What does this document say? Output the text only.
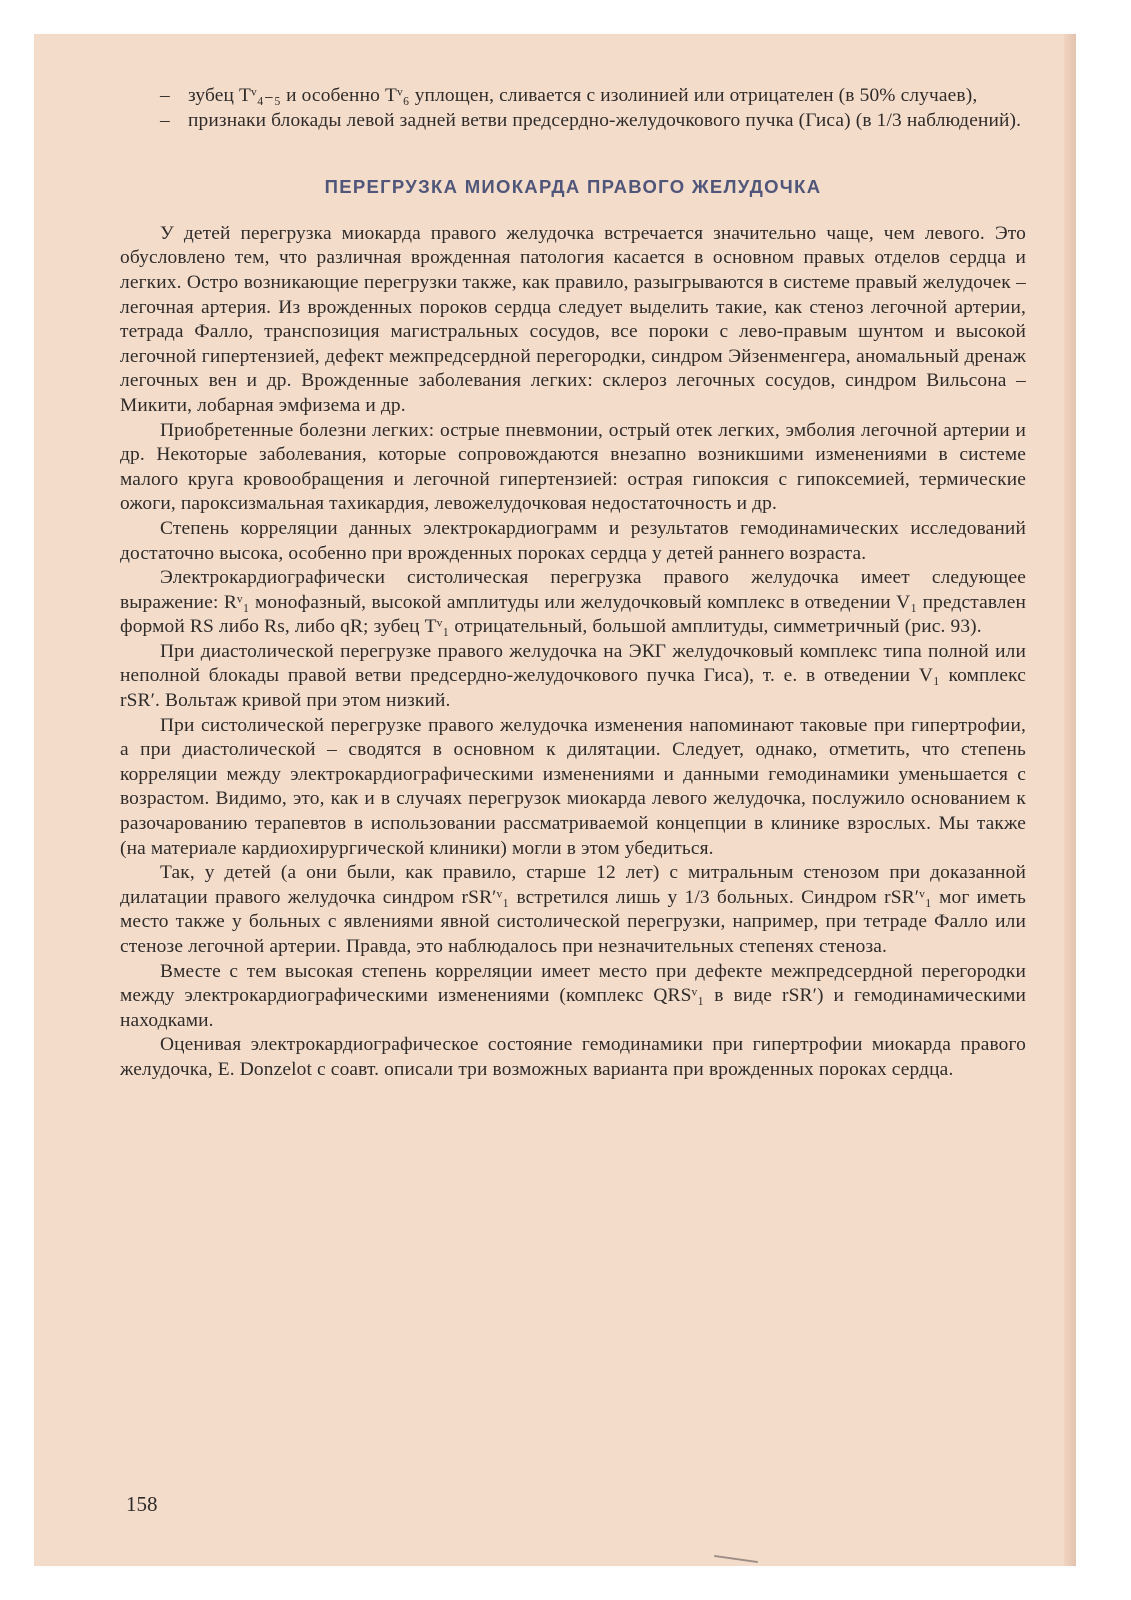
– зубец Tᵛ₄₋₅ и особенно Tᵛ₆ уплощен, сливается с изолинией или отрицателен (в 50% случаев),

– признаки блокады левой задней ветви предсердно-желудочкового пучка (Гиса) (в 1/3 наблюдений).

ПЕРЕГРУЗКА МИОКАРДА ПРАВОГО ЖЕЛУДОЧКА

У детей перегрузка миокарда правого желудочка встречается значительно чаще, чем левого. Это обусловлено тем, что различная врожденная патология касается в основном правых отделов сердца и легких. Остро возникающие перегрузки также, как правило, разыгрываются в системе правый желудочек – легочная артерия. Из врожденных пороков сердца следует выделить такие, как стеноз легочной артерии, тетрада Фалло, транспозиция магистральных сосудов, все пороки с лево-правым шунтом и высокой легочной гипертензией, дефект межпредсердной перегородки, синдром Эйзенменгера, аномальный дренаж легочных вен и др. Врожденные заболевания легких: склероз легочных сосудов, синдром Вильсона – Микити, лобарная эмфизема и др.

Приобретенные болезни легких: острые пневмонии, острый отек легких, эмболия легочной артерии и др. Некоторые заболевания, которые сопровождаются внезапно возникшими изменениями в системе малого круга кровообращения и легочной гипертензией: острая гипоксия с гипоксемией, термические ожоги, пароксизмальная тахикардия, левожелудочковая недостаточность и др.

Степень корреляции данных электрокардиограмм и результатов гемодинамических исследований достаточно высока, особенно при врожденных пороках сердца у детей раннего возраста.

Электрокардиографически систолическая перегрузка правого желудочка имеет следующее выражение: Rᵛ₁ монофазный, высокой амплитуды или желудочковый комплекс в отведении V₁ представлен формой RS либо Rs, либо qR; зубец Tᵛ₁ отрицательный, большой амплитуды, симметричный (рис. 93).

При диастолической перегрузке правого желудочка на ЭКГ желудочковый комплекс типа полной или неполной блокады правой ветви предсердно-желудочкового пучка Гиса), т. е. в отведении V₁ комплекс rSR′. Вольтаж кривой при этом низкий.

При систолической перегрузке правого желудочка изменения напоминают таковые при гипертрофии, а при диастолической – сводятся в основном к дилятации. Следует, однако, отметить, что степень корреляции между электрокардиографическими изменениями и данными гемодинамики уменьшается с возрастом. Видимо, это, как и в случаях перегрузок миокарда левого желудочка, послужило основанием к разочарованию терапевтов в использовании рассматриваемой концепции в клинике взрослых. Мы также (на материале кардиохирургической клиники) могли в этом убедиться.

Так, у детей (а они были, как правило, старше 12 лет) с митральным стенозом при доказанной дилатации правого желудочка синдром rSR′ᵛ₁ встретился лишь у 1/3 больных. Синдром rSR′ᵛ₁ мог иметь место также у больных с явлениями явной систолической перегрузки, например, при тетраде Фалло или стенозе легочной артерии. Правда, это наблюдалось при незначительных степенях стеноза.

Вместе с тем высокая степень корреляции имеет место при дефекте межпредсердной перегородки между электрокардиографическими изменениями (комплекс QRSᵛ₁ в виде rSR′) и гемодинамическими находками.

Оценивая электрокардиографическое состояние гемодинамики при гипертрофии миокарда правого желудочка, E. Donzelot с соавт. описали три возможных варианта при врожденных пороках сердца.

158
